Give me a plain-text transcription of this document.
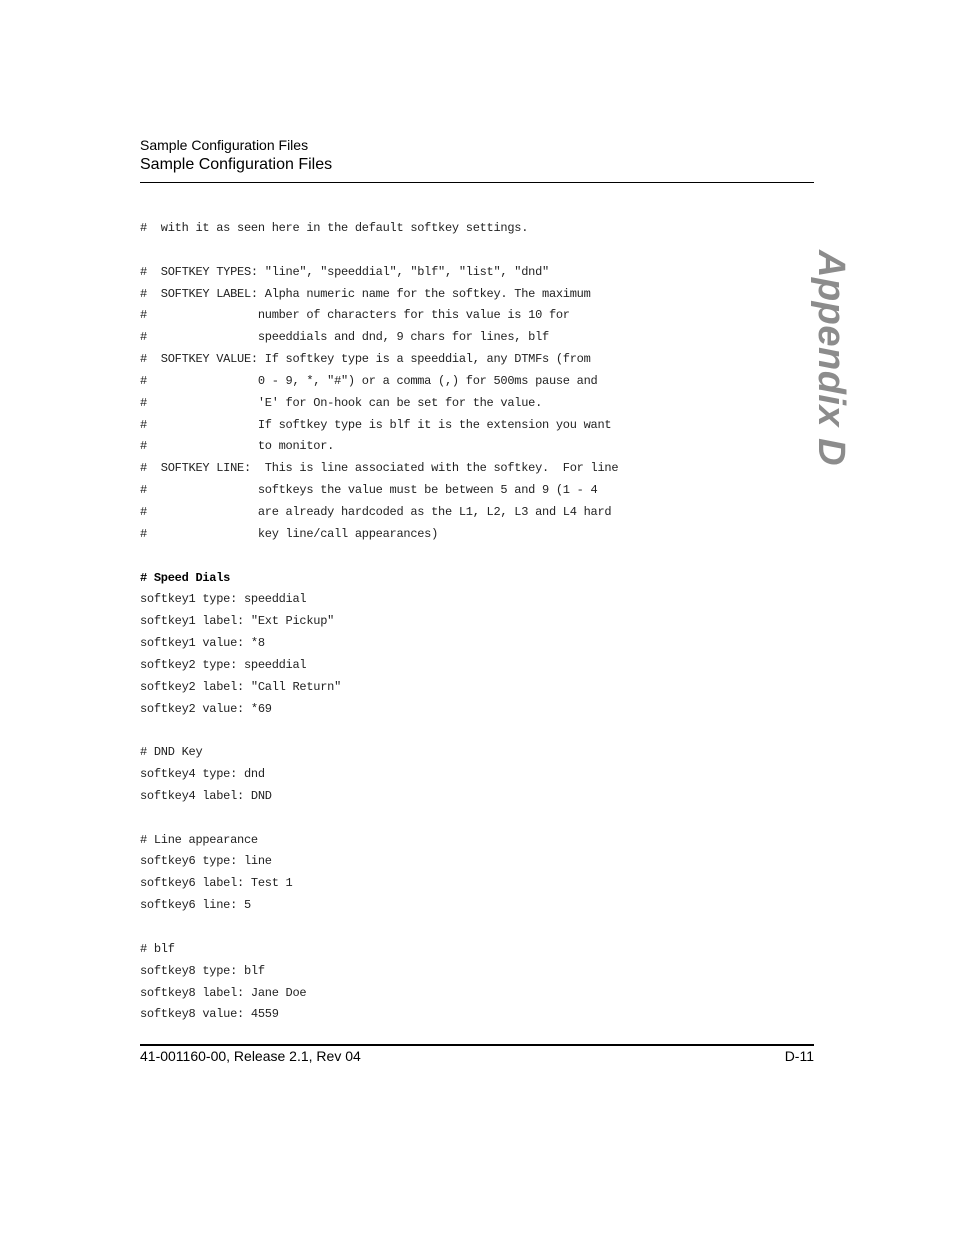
Sample Configuration Files
Sample Configuration Files
Appendix D
#  with it as seen here in the default softkey settings.
#  SOFTKEY TYPES: "line", "speeddial", "blf", "list", "dnd"
#  SOFTKEY LABEL: Alpha numeric name for the softkey. The maximum
#                number of characters for this value is 10 for
#                speeddials and dnd, 9 chars for lines, blf
#  SOFTKEY VALUE: If softkey type is a speeddial, any DTMFs (from
#                0 - 9, *, "#") or a comma (,) for 500ms pause and
#                'E' for On-hook can be set for the value.
#                If softkey type is blf it is the extension you want
#                to monitor.
#  SOFTKEY LINE:  This is line associated with the softkey.  For line
#                softkeys the value must be between 5 and 9 (1 - 4
#                are already hardcoded as the L1, L2, L3 and L4 hard
#                key line/call appearances)
# Speed Dials
softkey1 type: speeddial
softkey1 label: "Ext Pickup"
softkey1 value: *8
softkey2 type: speeddial
softkey2 label: "Call Return"
softkey2 value: *69
# DND Key
softkey4 type: dnd
softkey4 label: DND
# Line appearance
softkey6 type: line
softkey6 label: Test 1
softkey6 line: 5
# blf
softkey8 type: blf
softkey8 label: Jane Doe
softkey8 value: 4559
41-001160-00, Release 2.1, Rev 04	D-11
